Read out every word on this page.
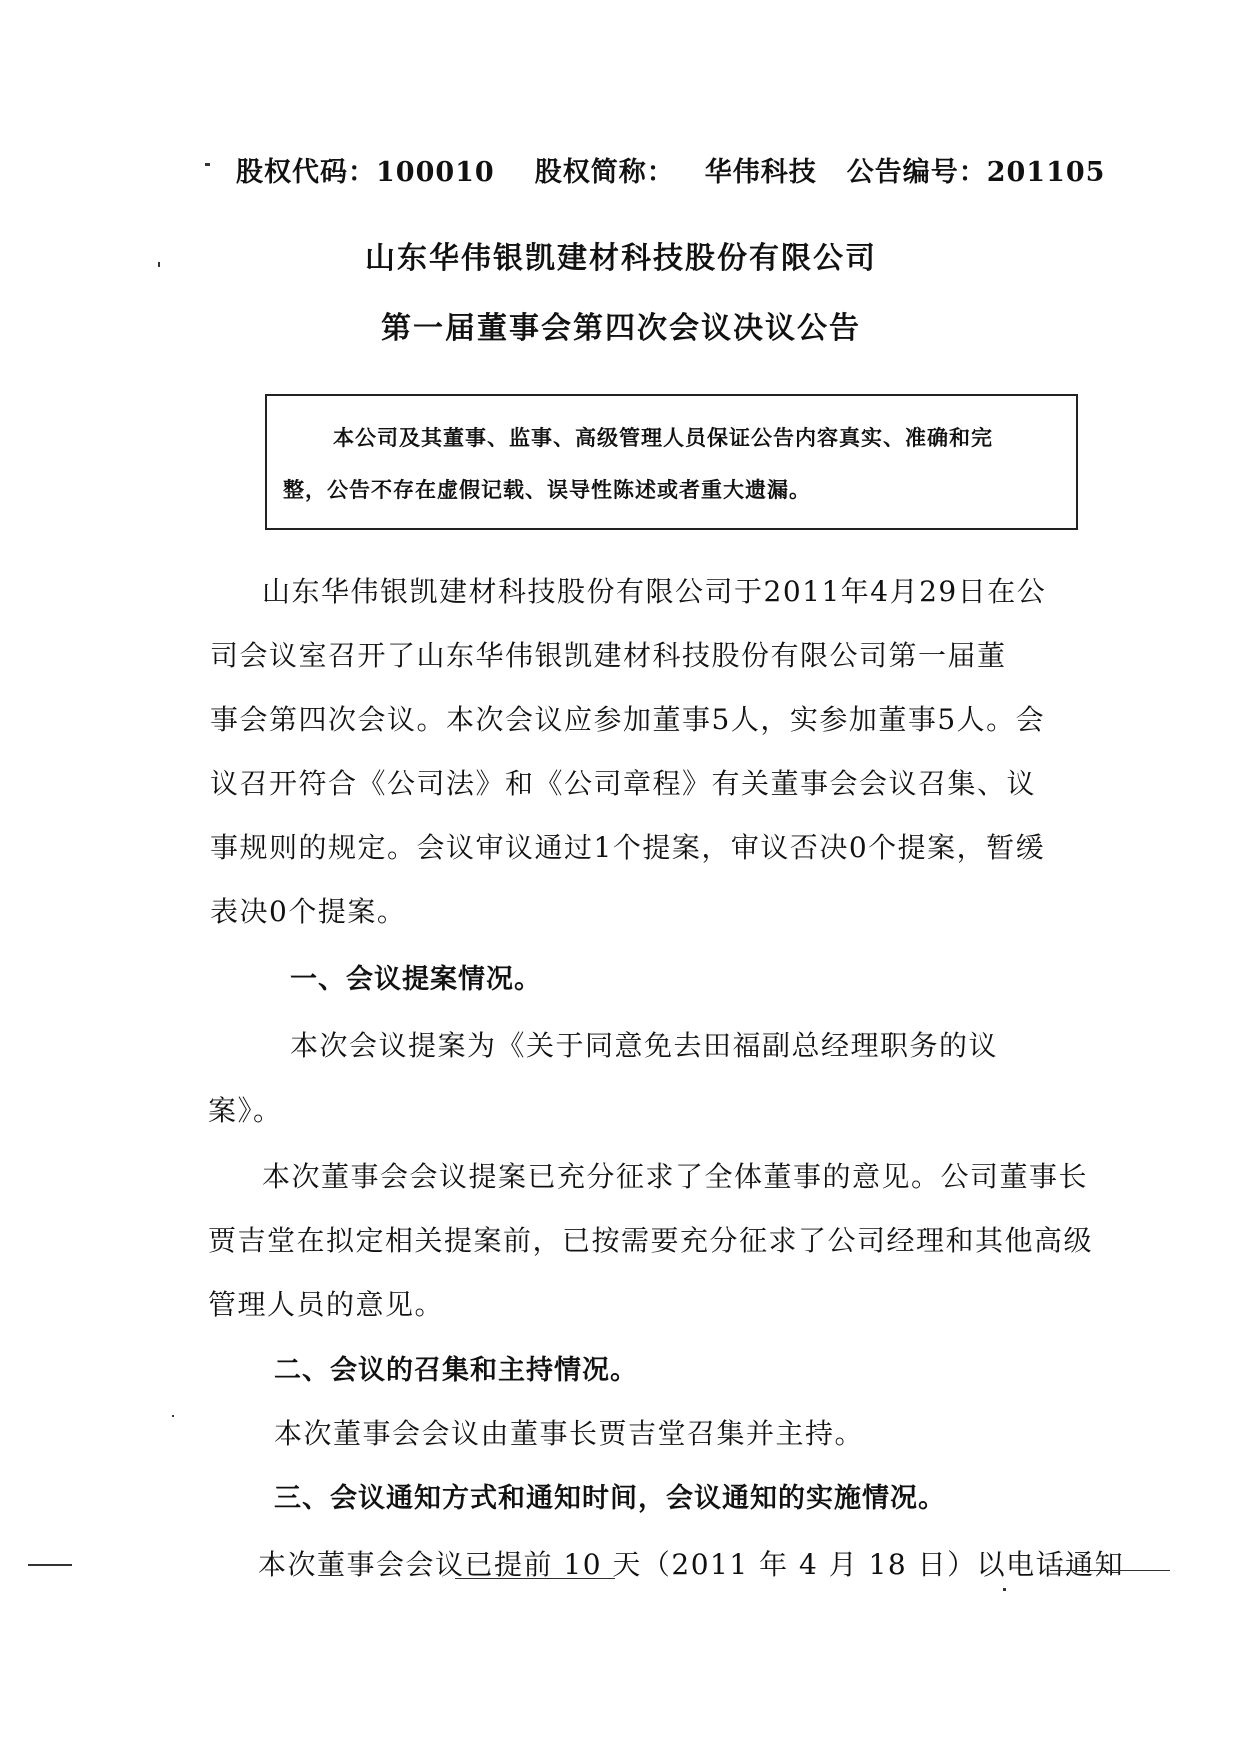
股权代码：100010 股权简称： 华伟科技 公告编号：201105
山东华伟银凯建材科技股份有限公司
第一届董事会第四次会议决议公告

本公司及其董事、监事、高级管理人员保证公告内容真实、准确和完

整，公告不存在虚假记载、误导性陈述或者重大遗漏。

山东华伟银凯建材科技股份有限公司于2011年4月29日在公
司会议室召开了山东华伟银凯建材科技股份有限公司第一届董
事会第四次会议。本次会议应参加董事5人，实参加董事5人。会
议召开符合《公司法》和《公司章程》有关董事会会议召集、议
事规则的规定。会议审议通过1个提案，审议否决0个提案，暂缓
表决0个提案。
一、会议提案情况。
本次会议提案为《关于同意免去田福副总经理职务的议
案》。
本次董事会会议提案已充分征求了全体董事的意见。公司董事长
贾吉堂在拟定相关提案前，已按需要充分征求了公司经理和其他高级
管理人员的意见。
二、会议的召集和主持情况。
本次董事会会议由董事长贾吉堂召集并主持。
三、会议通知方式和通知时间，会议通知的实施情况。
本次董事会会议已提前 10 天（2011 年 4 月 18 日）以电话通知
